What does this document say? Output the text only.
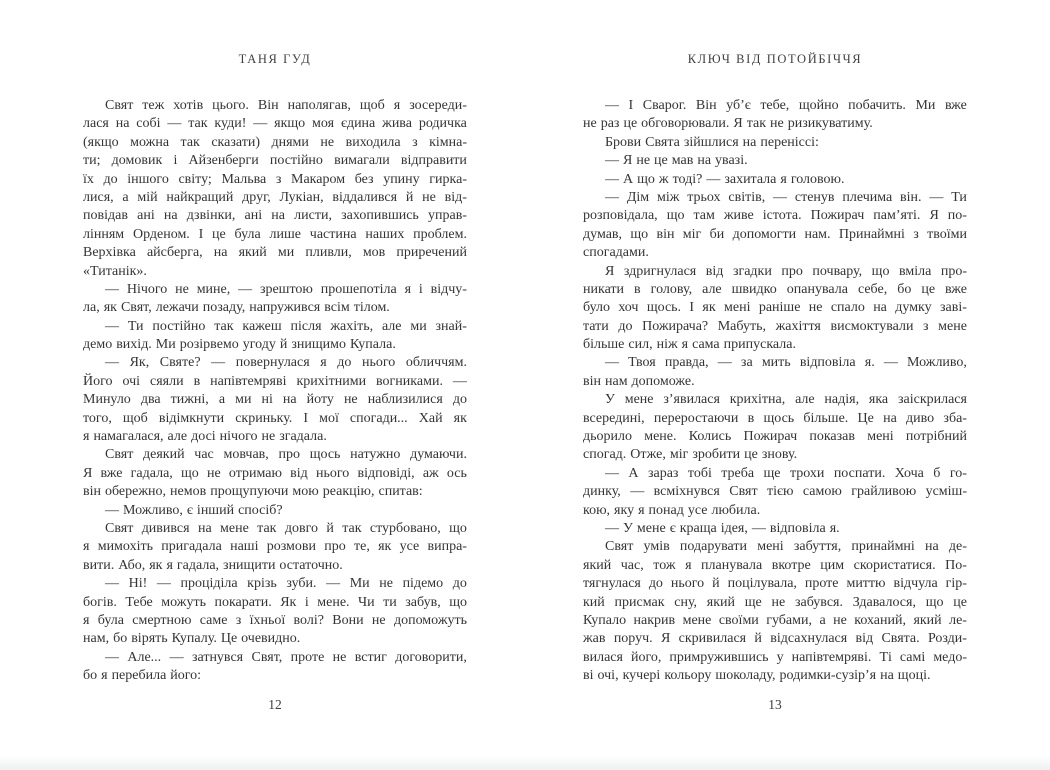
ТАНЯ ГУД
Свят теж хотів цього. Він наполягав, щоб я зосереди-
лася на собі — так куди! — якщо моя єдина жива родичка
(якщо можна так сказати) днями не виходила з кімна-
ти; домовик і Айзенберги постійно вимагали відправити
їх до іншого світу; Мальва з Макаром без упину гирка-
лися, а мій найкращий друг, Лукіан, віддалився й не від-
повідав ані на дзвінки, ані на листи, захопившись управ-
лінням Орденом. І це була лише частина наших проблем.
Верхівка айсберга, на який ми пливли, мов приречений
«Титанік».
— Нічого не мине, — зрештою прошепотіла я і відчу-
ла, як Свят, лежачи позаду, напружився всім тілом.
— Ти постійно так кажеш після жахіть, але ми знай-
демо вихід. Ми розірвемо угоду й знищимо Купала.
— Як, Святе? — повернулася я до нього обличчям.
Його очі сяяли в напівтемряві крихітними вогниками. —
Минуло два тижні, а ми ні на йоту не наблизилися до
того, щоб відімкнути скриньку. І мої спогади... Хай як
я намагалася, але досі нічого не згадала.
Свят деякий час мовчав, про щось натужно думаючи.
Я вже гадала, що не отримаю від нього відповіді, аж ось
він обережно, немов прощупуючи мою реакцію, спитав:
— Можливо, є інший спосіб?
Свят дивився на мене так довго й так стурбовано, що
я мимохіть пригадала наші розмови про те, як усе випра-
вити. Або, як я гадала, знищити остаточно.
— Ні! — проціділа крізь зуби. — Ми не підемо до
богів. Тебе можуть покарати. Як і мене. Чи ти забув, що
я була смертною саме з їхньої волі? Вони не допоможуть
нам, бо вірять Купалу. Це очевидно.
— Але... — затнувся Свят, проте не встиг договорити,
бо я перебила його:
12
КЛЮЧ ВІД ПОТОЙБІЧЧЯ
— І Сварог. Він уб’є тебе, щойно побачить. Ми вже
не раз це обговорювали. Я так не ризикуватиму.
Брови Свята зійшлися на переніссі:
— Я не це мав на увазі.
— А що ж тоді? — захитала я головою.
— Дім між трьох світів, — стенув плечима він. — Ти
розповідала, що там живе істота. Пожирач пам’яті. Я по-
думав, що він міг би допомогти нам. Принаймні з твоїми
спогадами.
Я здригнулася від згадки про почвару, що вміла про-
никати в голову, але швидко опанувала себе, бо це вже
було хоч щось. І як мені раніше не спало на думку заві-
тати до Пожирача? Мабуть, жахіття висмоктували з мене
більше сил, ніж я сама припускала.
— Твоя правда, — за мить відповіла я. — Можливо,
він нам допоможе.
У мене з’явилася крихітна, але надія, яка заіскрилася
всередині, переростаючи в щось більше. Це на диво зба-
дьорило мене. Колись Пожирач показав мені потрібний
спогад. Отже, міг зробити це знову.
— А зараз тобі треба ще трохи поспати. Хоча б го-
динку, — всміхнувся Свят тією самою грайливою усміш-
кою, яку я понад усе любила.
— У мене є краща ідея, — відповіла я.
Свят умів подарувати мені забуття, принаймні на де-
який час, тож я планувала вкотре цим скористатися. По-
тягнулася до нього й поцілувала, проте миттю відчула гір-
кий присмак сну, який ще не забувся. Здавалося, що це
Купало накрив мене своїми губами, а не коханий, який ле-
жав поруч. Я скривилася й відсахнулася від Свята. Розди-
вилася його, примружившись у напівтемряві. Ті самі медо-
ві очі, кучері кольору шоколаду, родимки-сузір’я на щоці.
13
